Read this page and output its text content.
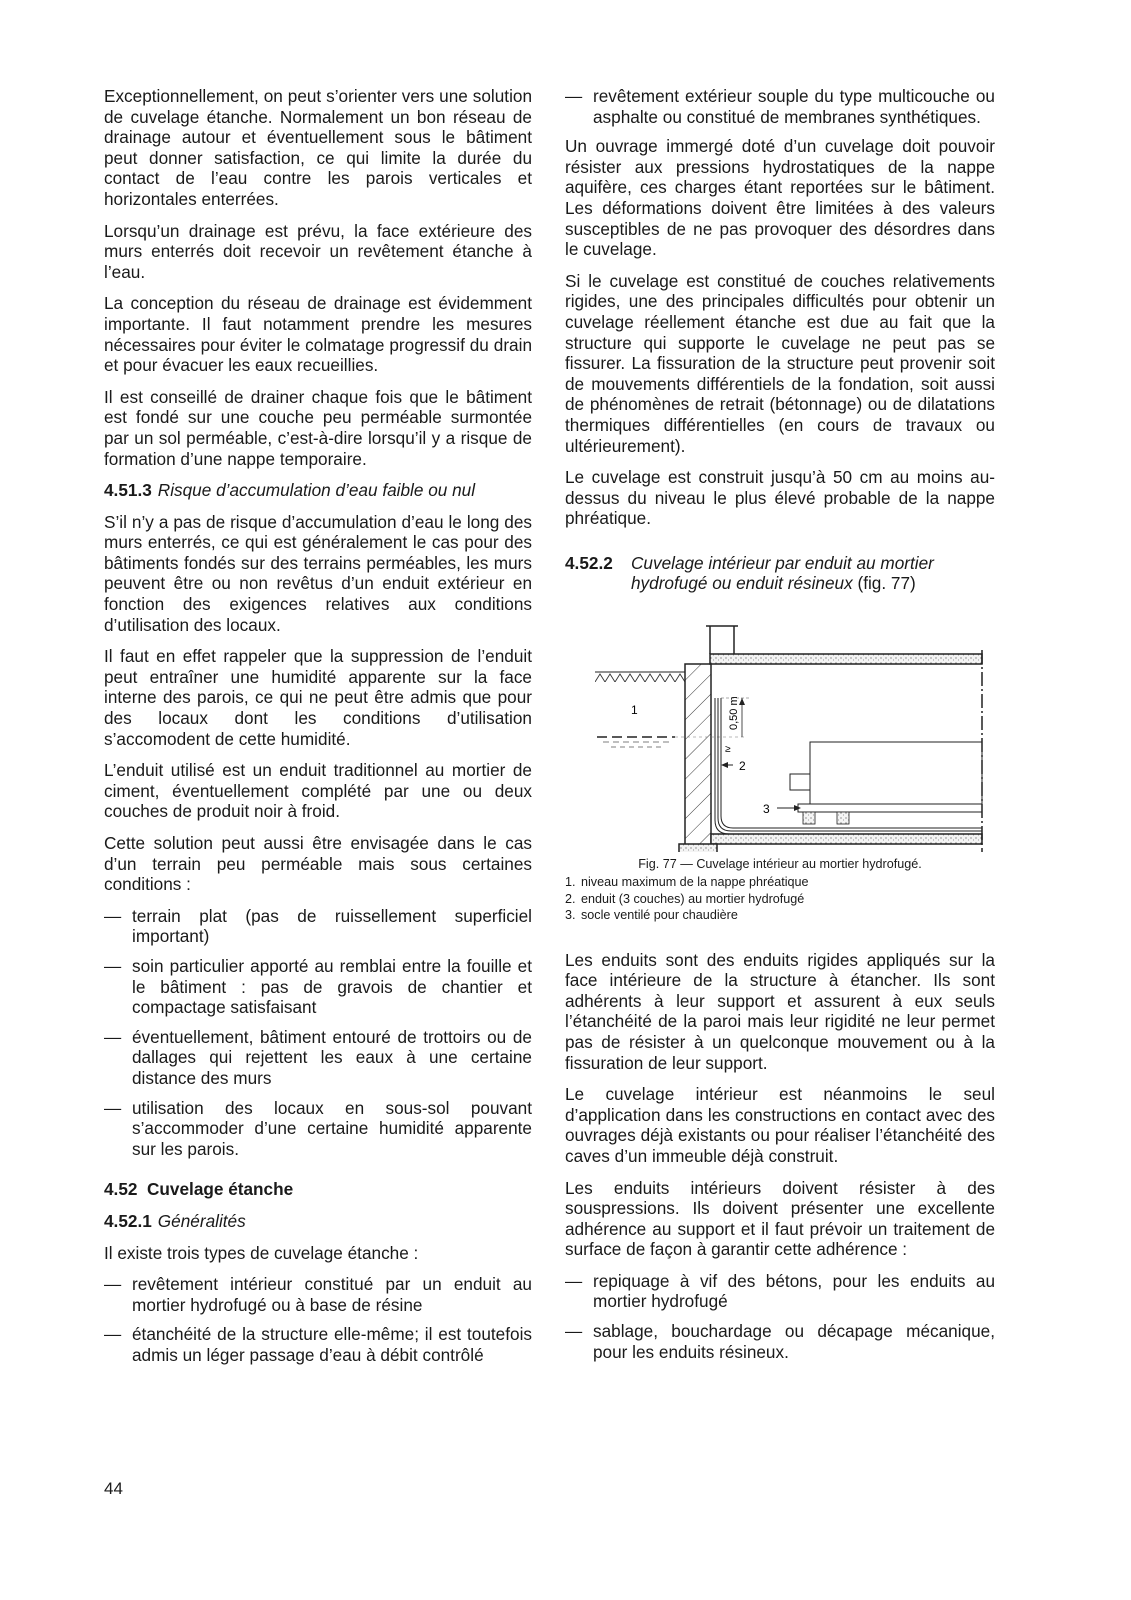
Exceptionnellement, on peut s’orienter vers une solution de cuvelage étanche. Normalement un bon réseau de drainage autour et éventuellement sous le bâtiment peut donner satisfaction, ce qui limite la durée du contact de l’eau contre les parois verticales et horizontales enterrées.

Lorsqu’un drainage est prévu, la face extérieure des murs enterrés doit recevoir un revêtement étanche à l’eau.

La conception du réseau de drainage est évidemment importante. Il faut notamment prendre les mesures nécessaires pour éviter le colmatage progressif du drain et pour évacuer les eaux recueillies.

Il est conseillé de drainer chaque fois que le bâtiment est fondé sur une couche peu perméable surmontée par un sol perméable, c’est-à-dire lorsqu’il y a risque de formation d’une nappe temporaire.

4.51.3 Risque d’accumulation d’eau faible ou nul

S’il n’y a pas de risque d’accumulation d’eau le long des murs enterrés, ce qui est généralement le cas pour des bâtiments fondés sur des terrains perméables, les murs peuvent être ou non revêtus d’un enduit extérieur en fonction des exigences relatives aux conditions d’utilisation des locaux.

Il faut en effet rappeler que la suppression de l’enduit peut entraîner une humidité apparente sur la face interne des parois, ce qui ne peut être admis que pour des locaux dont les conditions d’utilisation s’accomodent de cette humidité.

L’enduit utilisé est un enduit traditionnel au mortier de ciment, éventuellement complété par une ou deux couches de produit noir à froid.

Cette solution peut aussi être envisagée dans le cas d’un terrain peu perméable mais sous certaines conditions :

— terrain plat (pas de ruissellement superficiel important)
— soin particulier apporté au remblai entre la fouille et le bâtiment : pas de gravois de chantier et compactage satisfaisant
— éventuellement, bâtiment entouré de trottoirs ou de dallages qui rejettent les eaux à une certaine distance des murs
— utilisation des locaux en sous-sol pouvant s’accommoder d’une certaine humidité apparente sur les parois.
4.52 Cuvelage étanche
4.52.1 Généralités

Il existe trois types de cuvelage étanche :

— revêtement intérieur constitué par un enduit au mortier hydrofugé ou à base de résine
— étanchéité de la structure elle-même; il est toutefois admis un léger passage d’eau à débit contrôlé
— revêtement extérieur souple du type multicouche ou asphalte ou constitué de membranes synthétiques.

Un ouvrage immergé doté d’un cuvelage doit pouvoir résister aux pressions hydrostatiques de la nappe aquifère, ces charges étant reportées sur le bâtiment. Les déformations doivent être limitées à des valeurs susceptibles de ne pas provoquer des désordres dans le cuvelage.

Si le cuvelage est constitué de couches relativements rigides, une des principales difficultés pour obtenir un cuvelage réellement étanche est due au fait que la structure qui supporte le cuvelage ne peut pas se fissurer. La fissuration de la structure peut provenir soit de mouvements différentiels de la fondation, soit aussi de phénomènes de retrait (bétonnage) ou de dilatations thermiques différentielles (en cours de travaux ou ultérieurement).

Le cuvelage est construit jusqu’à 50 cm au moins au-dessus du niveau le plus élevé probable de la nappe phréatique.

4.52.2	Cuvelage intérieur par enduit au mortier hydrofugé ou enduit résineux (fig. 77)
1	0,50 m
≥
2
3
Fig. 77 — Cuvelage intérieur au mortier hydrofugé.
1. niveau maximum de la nappe phréatique
2. enduit (3 couches) au mortier hydrofugé
3. socle ventilé pour chaudière

Les enduits sont des enduits rigides appliqués sur la face intérieure de la structure à étancher. Ils sont adhérents à leur support et assurent à eux seuls l’étanchéité de la paroi mais leur rigidité ne leur permet pas de résister à un quelconque mouvement ou à la fissuration de leur support.

Le cuvelage intérieur est néanmoins le seul d’application dans les constructions en contact avec des ouvrages déjà existants ou pour réaliser l’étanchéité des caves d’un immeuble déjà construit.

Les enduits intérieurs doivent résister à des souspressions. Ils doivent présenter une excellente adhérence au support et il faut prévoir un traitement de surface de façon à garantir cette adhérence :

— repiquage à vif des bétons, pour les enduits au mortier hydrofugé
— sablage, bouchardage ou décapage mécanique, pour les enduits résineux.
44
